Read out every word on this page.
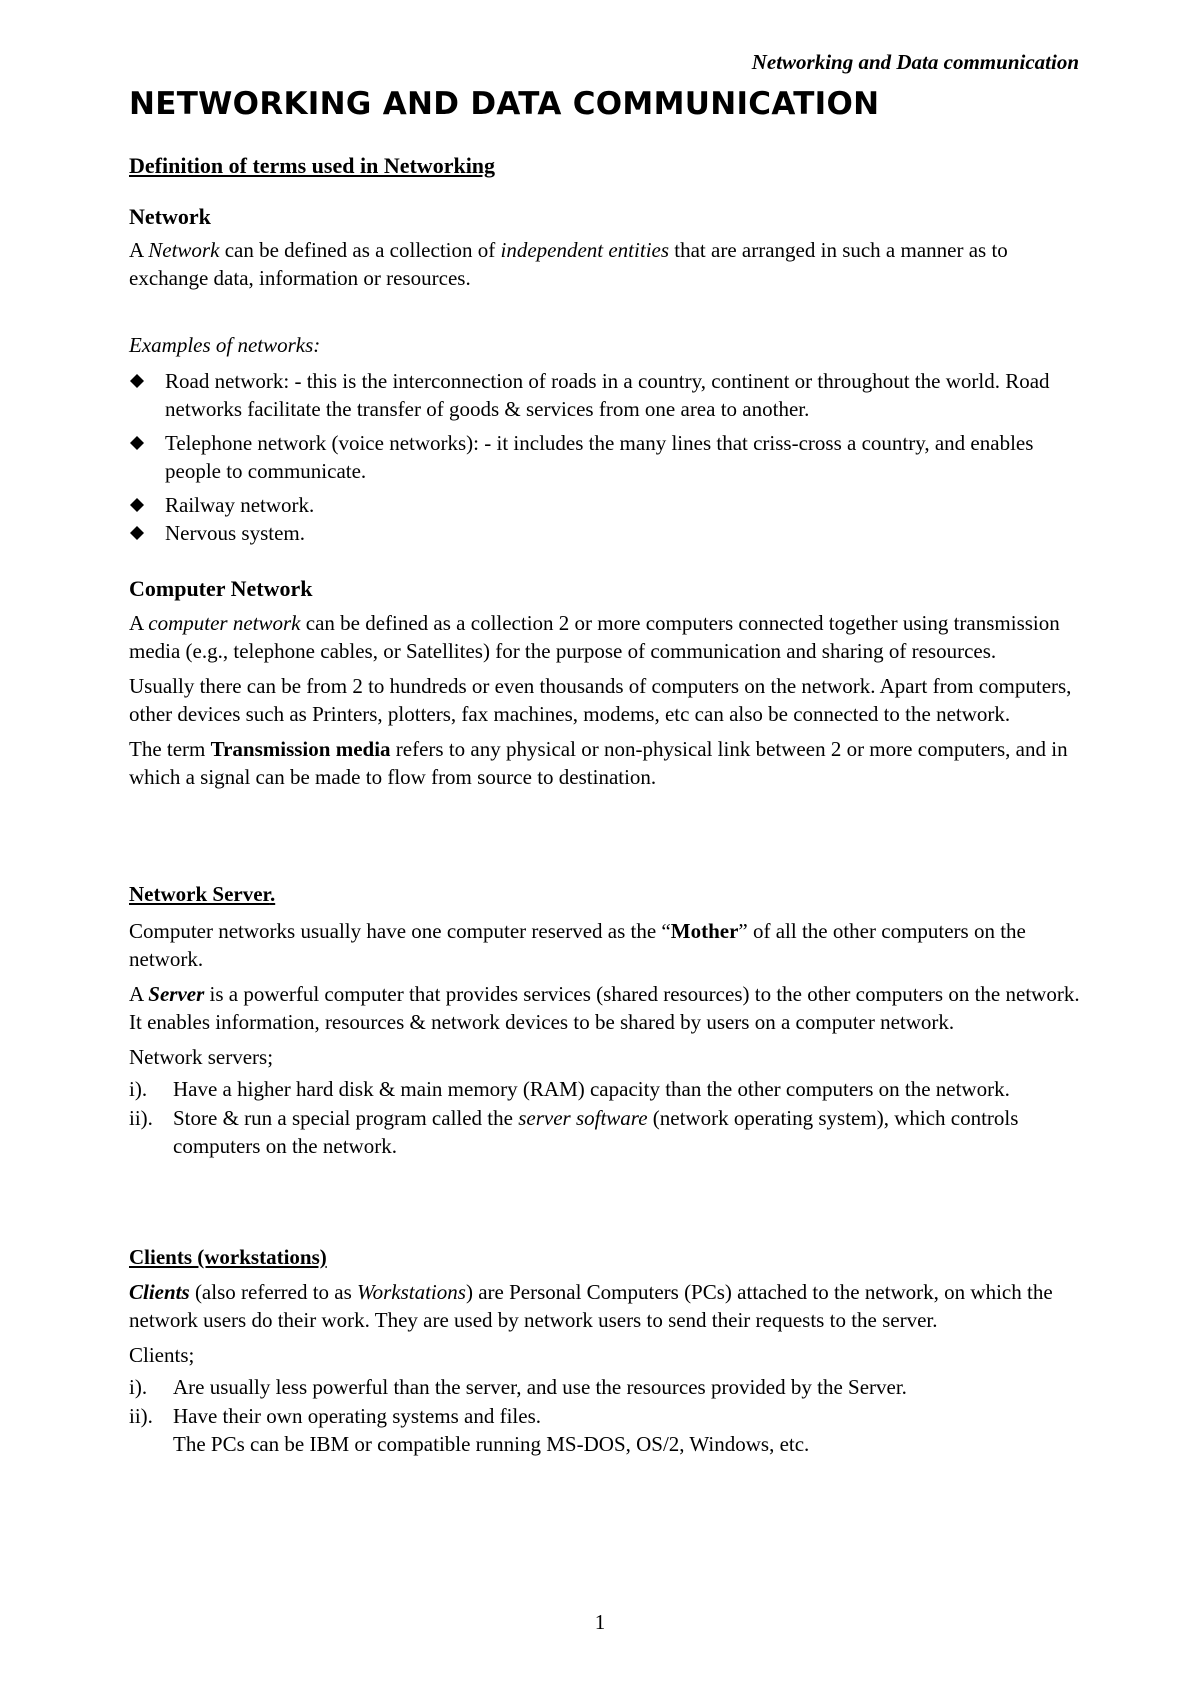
Networking and Data communication
NETWORKING AND DATA COMMUNICATION
Definition of terms used in Networking
Network

A Network can be defined as a collection of independent entities that are arranged in such a manner as to exchange data, information or resources.

Examples of networks:

Road network: - this is the interconnection of roads in a country, continent or throughout the world. Road networks facilitate the transfer of goods & services from one area to another.
Telephone network (voice networks): - it includes the many lines that criss-cross a country, and enables people to communicate.
Railway network.
Nervous system.
Computer Network

A computer network can be defined as a collection 2 or more computers connected together using transmission media (e.g., telephone cables, or Satellites) for the purpose of communication and sharing of resources.

Usually there can be from 2 to hundreds or even thousands of computers on the network. Apart from computers, other devices such as Printers, plotters, fax machines, modems, etc can also be connected to the network.

The term Transmission media refers to any physical or non-physical link between 2 or more computers, and in which a signal can be made to flow from source to destination.

Network Server.

Computer networks usually have one computer reserved as the “Mother” of all the other computers on the network.

A Server is a powerful computer that provides services (shared resources) to the other computers on the network. It enables information, resources & network devices to be shared by users on a computer network.

Network servers;

i). Have a higher hard disk & main memory (RAM) capacity than the other computers on the network.
ii). Store & run a special program called the server software (network operating system), which controls computers on the network.
Clients (workstations)

Clients (also referred to as Workstations) are Personal Computers (PCs) attached to the network, on which the network users do their work. They are used by network users to send their requests to the server.

Clients;

i). Are usually less powerful than the server, and use the resources provided by the Server.
ii). Have their own operating systems and files.
The PCs can be IBM or compatible running MS-DOS, OS/2, Windows, etc.
1
